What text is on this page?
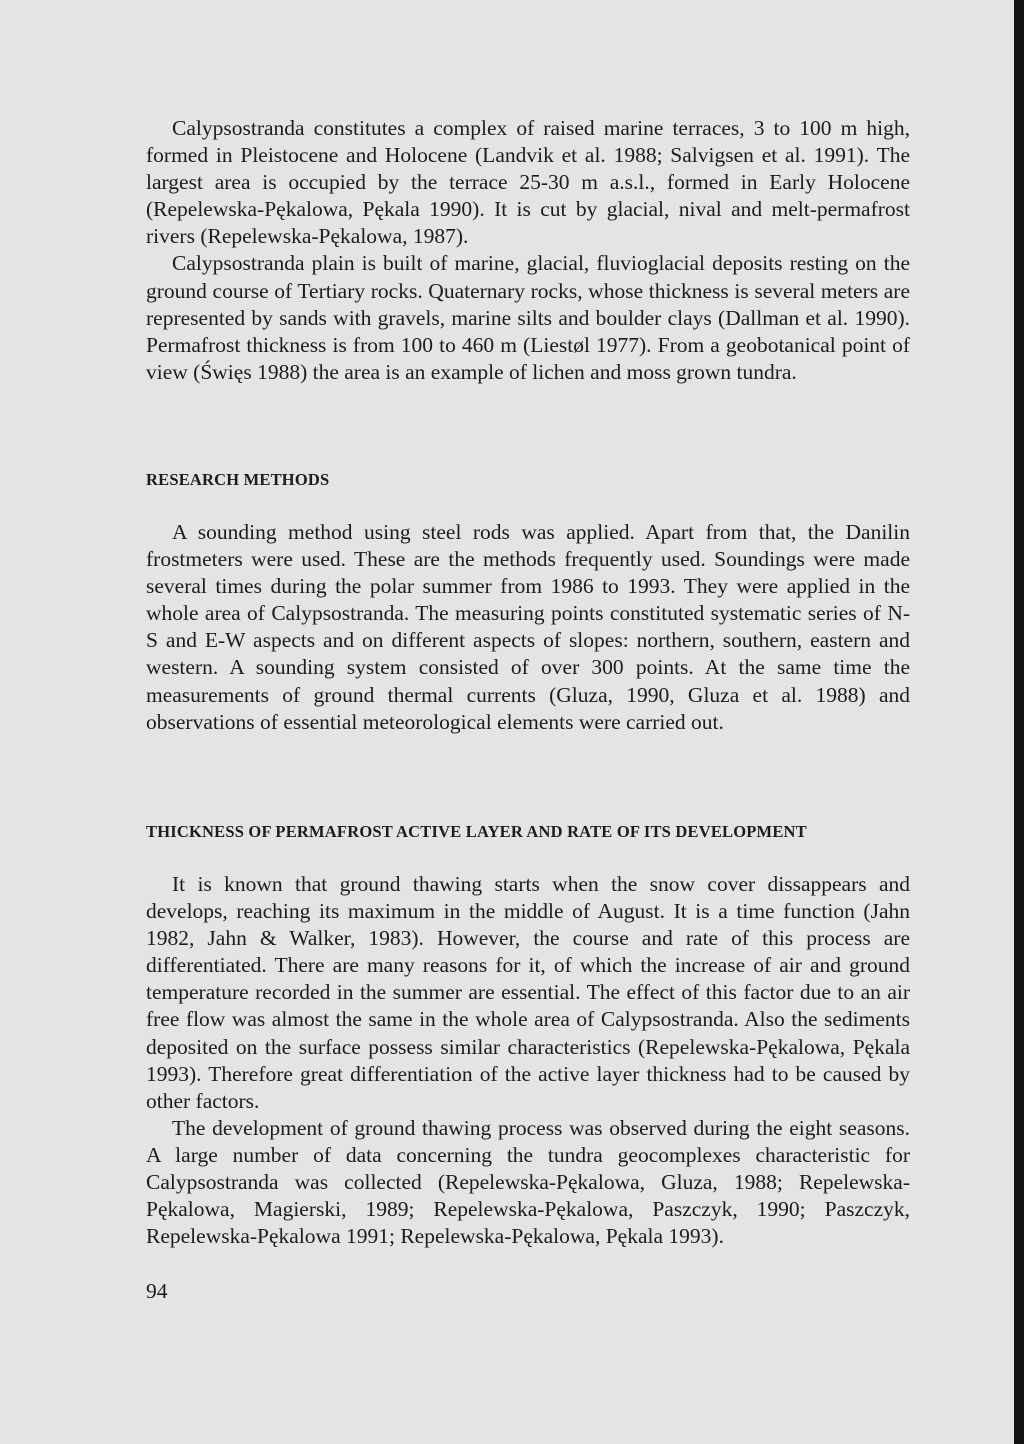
Calypsostranda constitutes a complex of raised marine terraces, 3 to 100 m high, formed in Pleistocene and Holocene (Landvik et al. 1988; Salvigsen et al. 1991). The largest area is occupied by the terrace 25-30 m a.s.l., formed in Early Holocene (Repelewska-Pękalowa, Pękala 1990). It is cut by glacial, nival and melt-permafrost rivers (Repelewska-Pękalowa, 1987).

Calypsostranda plain is built of marine, glacial, fluvioglacial deposits resting on the ground course of Tertiary rocks. Quaternary rocks, whose thickness is several meters are represented by sands with gravels, marine silts and boulder clays (Dallman et al. 1990). Permafrost thickness is from 100 to 460 m (Liestøl 1977). From a geobotanical point of view (Święs 1988) the area is an example of lichen and moss grown tundra.

RESEARCH METHODS

A sounding method using steel rods was applied. Apart from that, the Danilin frostmeters were used. These are the methods frequently used. Soundings were made several times during the polar summer from 1986 to 1993. They were applied in the whole area of Calypsostranda. The measuring points constituted systematic series of N-S and E-W aspects and on different aspects of slopes: northern, southern, eastern and western. A sounding system consisted of over 300 points. At the same time the measurements of ground thermal currents (Gluza, 1990, Gluza et al. 1988) and observations of essential meteorological elements were carried out.

THICKNESS OF PERMAFROST ACTIVE LAYER AND RATE OF ITS DEVELOPMENT

It is known that ground thawing starts when the snow cover dissappears and develops, reaching its maximum in the middle of August. It is a time function (Jahn 1982, Jahn & Walker, 1983). However, the course and rate of this process are differentiated. There are many reasons for it, of which the increase of air and ground temperature recorded in the summer are essential. The effect of this factor due to an air free flow was almost the same in the whole area of Calypsostranda. Also the sediments deposited on the surface possess similar characteristics (Repelewska-Pękalowa, Pękala 1993). Therefore great differentiation of the active layer thickness had to be caused by other factors.

The development of ground thawing process was observed during the eight seasons. A large number of data concerning the tundra geocomplexes characteristic for Calypsostranda was collected (Repelewska-Pękalowa, Gluza, 1988; Repelewska-Pękalowa, Magierski, 1989; Repelewska-Pękalowa, Paszczyk, 1990; Paszczyk, Repelewska-Pękalowa 1991; Repelewska-Pękalowa, Pękala 1993).

94
